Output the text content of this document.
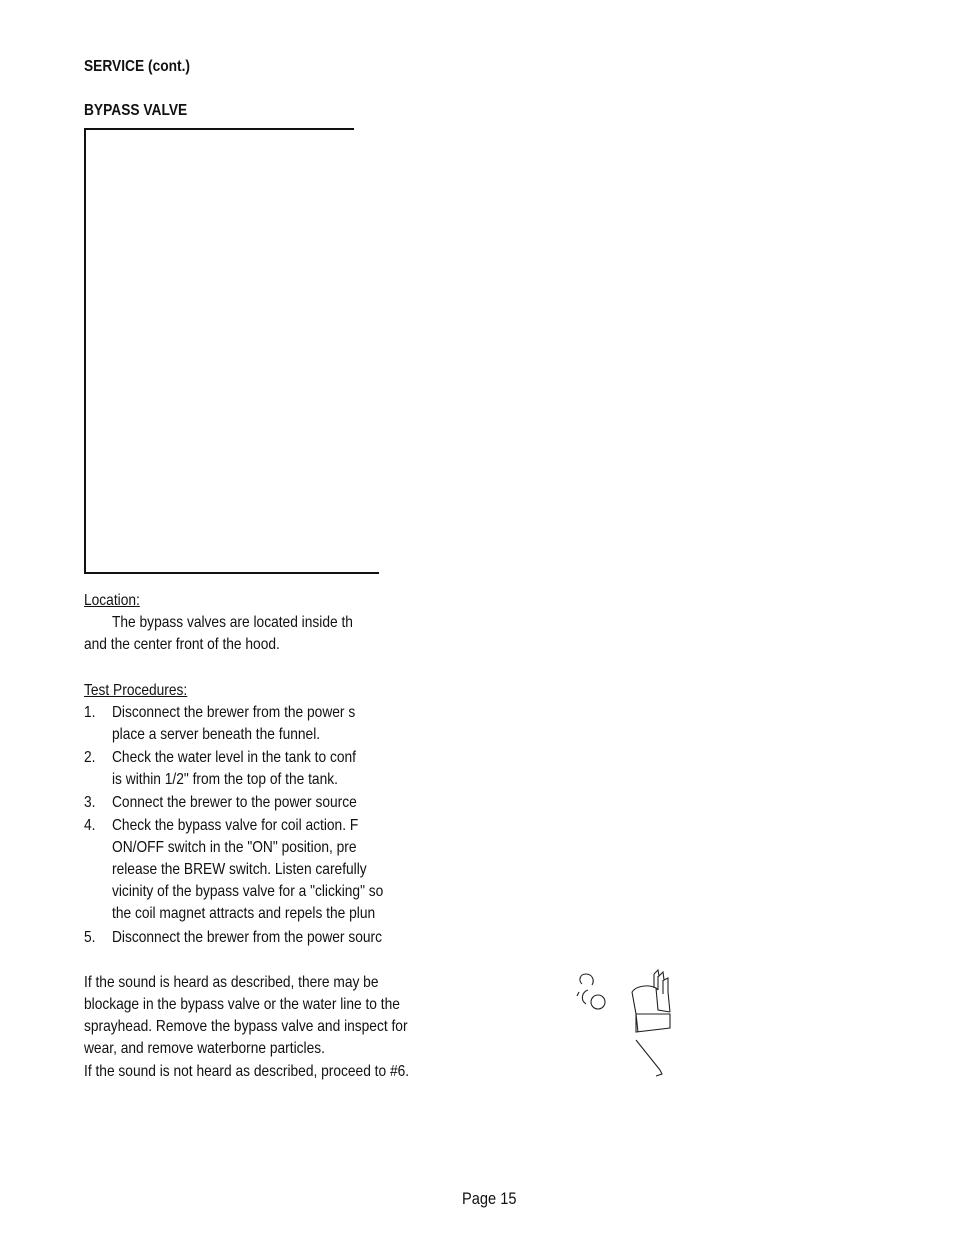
SERVICE (cont.)
BYPASS VALVE
Location:
The bypass valves are located inside th
and the center front of the hood.
Test Procedures:
1. Disconnect the brewer from the power s
place a server beneath the funnel.
2. Check the water level in the tank to conf
is within 1/2" from the top of the tank.
3. Connect the brewer to the power source
4. Check the bypass valve for coil action. F
ON/OFF switch in the "ON" position, pre
release the BREW switch. Listen carefully
vicinity of the bypass valve for a "clicking" so
the coil magnet attracts and repels the plun
5. Disconnect the brewer from the power sourc
If the sound is heard as described, there may be
blockage in the bypass valve or the water line to the
sprayhead. Remove the bypass valve and inspect for
wear, and remove waterborne particles.
If the sound is not heard as described, proceed to #6.
Page 15
